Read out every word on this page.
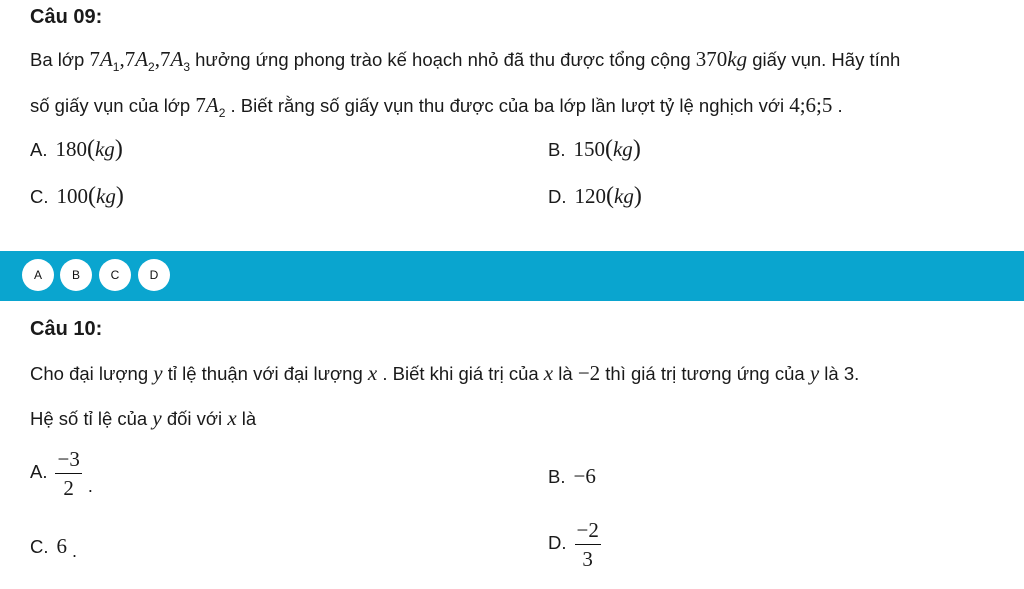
Câu 09:
Ba lớp $7A_1,7A_2,7A_3$ hưởng ứng phong trào kế hoạch nhỏ đã thu được tổng cộng 370kg giấy vụn. Hãy tính
số giấy vụn của lớp $7A_2$ . Biết rằng số giấy vụn thu được của ba lớp lần lượt tỷ lệ nghịch với 4;6;5 .
A. 180(kg)	B. 150(kg)
C. 100(kg)	D. 120(kg)
A	B	C	D
Câu 10:
Cho đại lượng y tỉ lệ thuận với đại lượng x . Biết khi giá trị của x là −2 thì giá trị tương ứng của y là 3.
Hệ số tỉ lệ của y đối với x là
A. $\frac{-3}{2}$ .	B. −6
C. 6 .	D. $\frac{-2}{3}$
